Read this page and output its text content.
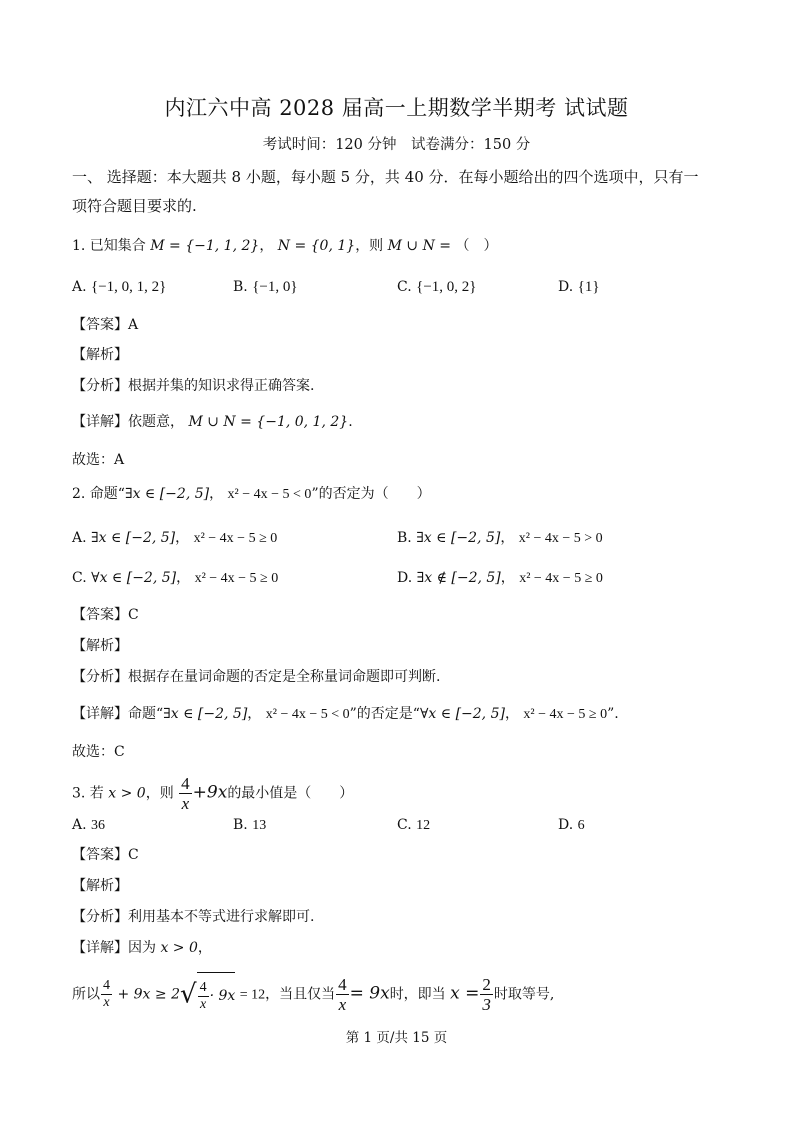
内江六中高 2028 届高一上期数学半期考 试试题
考试时间：120 分钟　试卷满分：150 分
一、 选择题：本大题共 8 小题，每小题 5 分，共 40 分．在每小题给出的四个选项中，只有一
项符合题目要求的.
1. 已知集合 M = {−1, 1, 2}， N = {0, 1}，则 M ∪ N = （　）
A. {−1, 0, 1, 2}	B. {−1, 0}	C. {−1, 0, 2}	D. {1}
【答案】A
【解析】
【分析】根据并集的知识求得正确答案.
【详解】依题意， M ∪ N = {−1, 0, 1, 2}.
故选：A
2. 命题“∃x ∈ [−2, 5]， x² − 4x − 5 < 0”的否定为（　　）
A. ∃x ∈ [−2, 5]， x² − 4x − 5 ≥ 0	B. ∃x ∈ [−2, 5]， x² − 4x − 5 > 0
C. ∀x ∈ [−2, 5]， x² − 4x − 5 ≥ 0	D. ∃x ∉ [−2, 5]， x² − 4x − 5 ≥ 0
【答案】C
【解析】
【分析】根据存在量词命题的否定是全称量词命题即可判断.
【详解】命题“∃x ∈ [−2, 5]， x² − 4x − 5 < 0”的否定是“∀x ∈ [−2, 5]， x² − 4x − 5 ≥ 0”.
故选：C
3. 若 x > 0，则 $\frac{4}{x} +9x$的最小值是（　　）
A. 36	B. 13	C. 12	D. 6
【答案】C
【解析】
【分析】利用基本不等式进行求解即可.
【详解】因为 x > 0，
所以 $\frac{4}{x} + 9x \ge 2√ \frac{4}{x} \cdot 9x = 12$，当且仅当 $\frac{4}{x} = 9x$时，即当 $x = \frac{2}{3}$ 时取等号,
第 1 页/共 15 页
